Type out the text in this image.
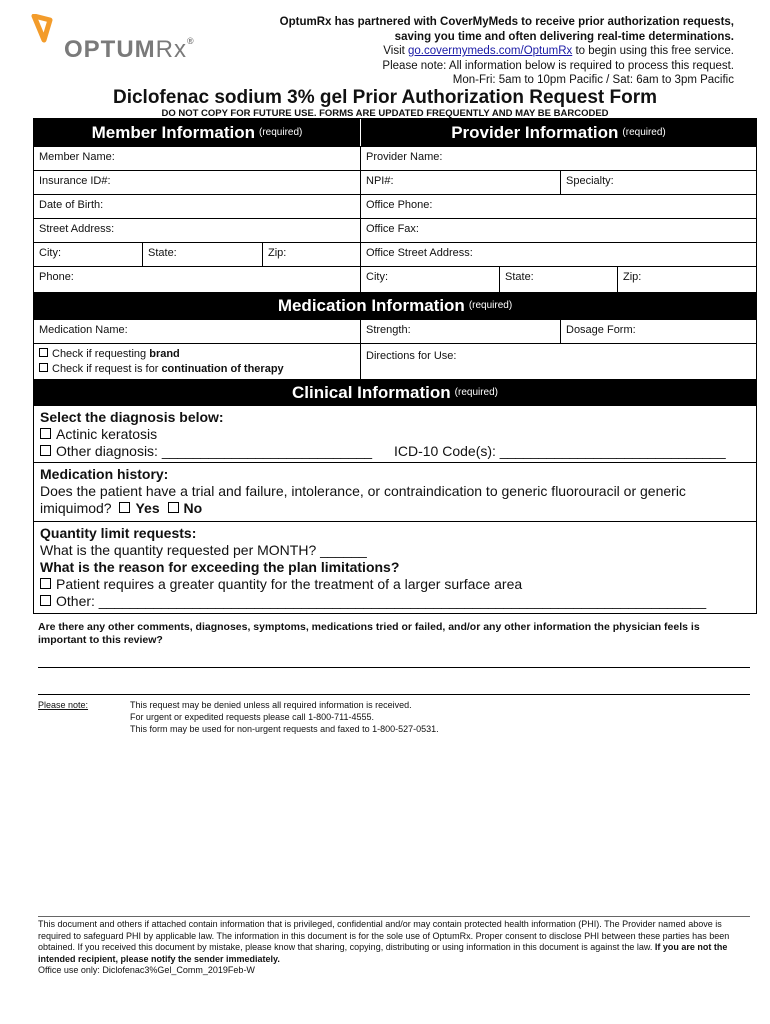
OPTUMRx®
OptumRx has partnered with CoverMyMeds to receive prior authorization requests,
saving you time and often delivering real-time determinations.
Visit go.covermymeds.com/OptumRx to begin using this free service.
Please note: All information below is required to process this request.
Mon-Fri: 5am to 10pm Pacific / Sat: 6am to 3pm Pacific
Diclofenac sodium 3% gel Prior Authorization Request Form
DO NOT COPY FOR FUTURE USE. FORMS ARE UPDATED FREQUENTLY AND MAY BE BARCODED
Member Information (required)	Provider Information (required)
Member Name:	Provider Name:
Insurance ID#:	NPI#:	Specialty:
Date of Birth:	Office Phone:
Street Address:	Office Fax:
City:	State:	Zip:	Office Street Address:
Phone:	City:	State:	Zip:
Medication Information (required)
Medication Name:	Strength:	Dosage Form:
Check if requesting brand
Check if request is for continuation of therapy
Directions for Use:
Clinical Information (required)
Select the diagnosis below:
Actinic keratosis
Other diagnosis: ___________________________	ICD-10 Code(s): _____________________________
Medication history:
Does the patient have a trial and failure, intolerance, or contraindication to generic fluorouracil or generic imiquimod? Yes No
Quantity limit requests:
What is the quantity requested per MONTH? ______
What is the reason for exceeding the plan limitations?
Patient requires a greater quantity for the treatment of a larger surface area
Other: ______________________________________________________________________________
Are there any other comments, diagnoses, symptoms, medications tried or failed, and/or any other information the physician feels is important to this review?
Please note:	This request may be denied unless all required information is received.
For urgent or expedited requests please call 1-800-711-4555.
This form may be used for non-urgent requests and faxed to 1-800-527-0531.
This document and others if attached contain information that is privileged, confidential and/or may contain protected health information (PHI). The Provider named above is required to safeguard PHI by applicable law. The information in this document is for the sole use of OptumRx. Proper consent to disclose PHI between these parties has been obtained. If you received this document by mistake, please know that sharing, copying, distributing or using information in this document is against the law. If you are not the intended recipient, please notify the sender immediately.
Office use only: Diclofenac3%Gel_Comm_2019Feb-W
